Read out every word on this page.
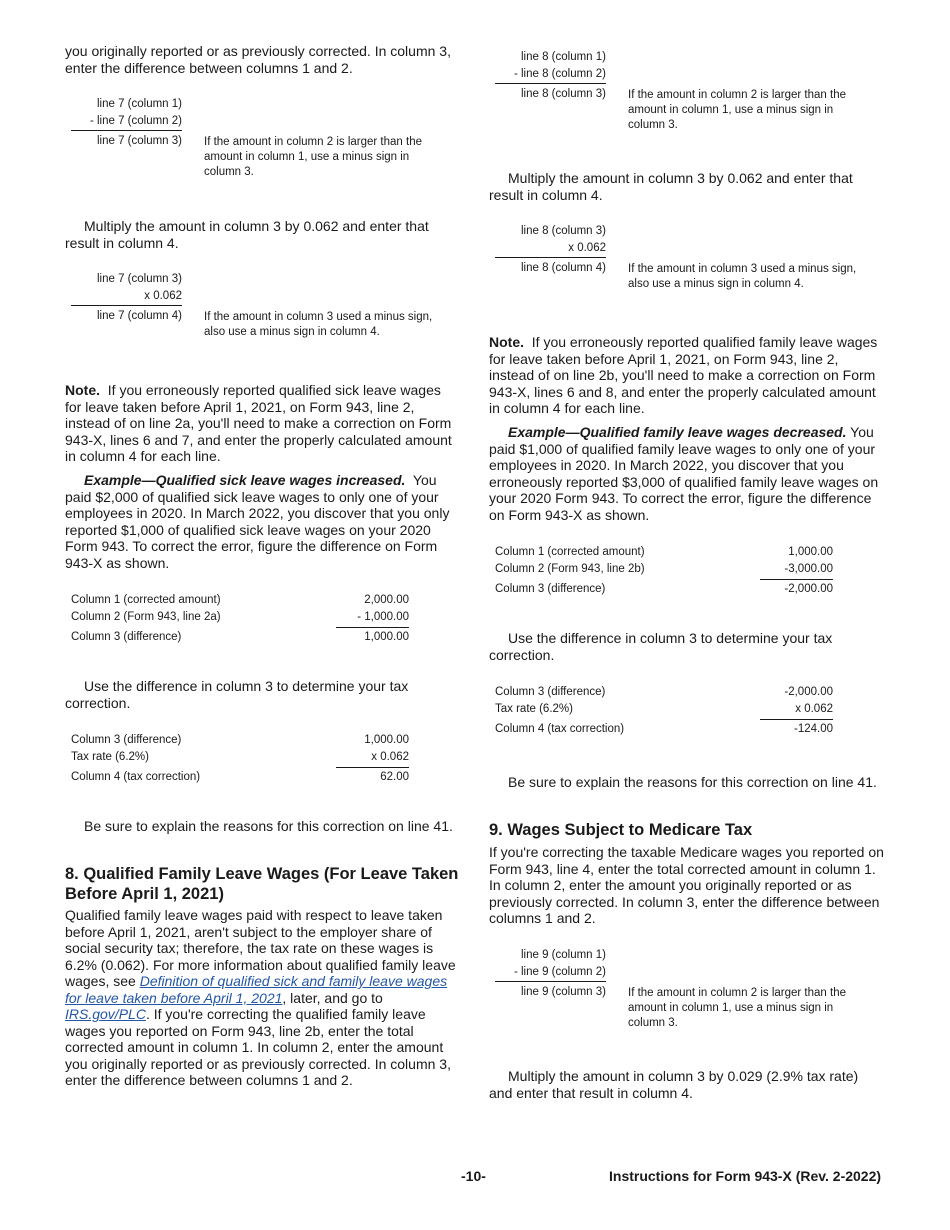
you originally reported or as previously corrected. In column 3, enter the difference between columns 1 and 2.

line 7 (column 1)
- line 7 (column 2)
line 7 (column 3) If the amount in column 2 is larger than the amount in column 1, use a minus sign in column 3.

Multiply the amount in column 3 by 0.062 and enter that result in column 4.

line 7 (column 3)
x 0.062
line 7 (column 4) If the amount in column 3 used a minus sign, also use a minus sign in column 4.

Note. If you erroneously reported qualified sick leave wages for leave taken before April 1, 2021, on Form 943, line 2, instead of on line 2a, you'll need to make a correction on Form 943-X, lines 6 and 7, and enter the properly calculated amount in column 4 for each line.

Example—Qualified sick leave wages increased. You paid $2,000 of qualified sick leave wages to only one of your employees in 2020. In March 2022, you discover that you only reported $1,000 of qualified sick leave wages on your 2020 Form 943. To correct the error, figure the difference on Form 943-X as shown.

Column 1 (corrected amount)	2,000.00
Column 2 (Form 943, line 2a)	- 1,000.00
Column 3 (difference)	1,000.00

Use the difference in column 3 to determine your tax correction.

Column 3 (difference)	1,000.00
Tax rate (6.2%)	x 0.062
Column 4 (tax correction)	62.00

Be sure to explain the reasons for this correction on line 41.

8. Qualified Family Leave Wages (For Leave Taken Before April 1, 2021)

Qualified family leave wages paid with respect to leave taken before April 1, 2021, aren't subject to the employer share of social security tax; therefore, the tax rate on these wages is 6.2% (0.062). For more information about qualified family leave wages, see Definition of qualified sick and family leave wages for leave taken before April 1, 2021, later, and go to IRS.gov/PLC. If you're correcting the qualified family leave wages you reported on Form 943, line 2b, enter the total corrected amount in column 1. In column 2, enter the amount you originally reported or as previously corrected. In column 3, enter the difference between columns 1 and 2.

line 8 (column 1)
- line 8 (column 2)
line 8 (column 3) If the amount in column 2 is larger than the amount in column 1, use a minus sign in column 3.

Multiply the amount in column 3 by 0.062 and enter that result in column 4.

line 8 (column 3)
x 0.062
line 8 (column 4) If the amount in column 3 used a minus sign, also use a minus sign in column 4.

Note. If you erroneously reported qualified family leave wages for leave taken before April 1, 2021, on Form 943, line 2, instead of on line 2b, you'll need to make a correction on Form 943-X, lines 6 and 8, and enter the properly calculated amount in column 4 for each line.

Example—Qualified family leave wages decreased. You paid $1,000 of qualified family leave wages to only one of your employees in 2020. In March 2022, you discover that you erroneously reported $3,000 of qualified family leave wages on your 2020 Form 943. To correct the error, figure the difference on Form 943-X as shown.

Column 1 (corrected amount)	1,000.00
Column 2 (Form 943, line 2b)	-3,000.00
Column 3 (difference)	-2,000.00

Use the difference in column 3 to determine your tax correction.

Column 3 (difference)	-2,000.00
Tax rate (6.2%)	x 0.062
Column 4 (tax correction)	-124.00

Be sure to explain the reasons for this correction on line 41.

9. Wages Subject to Medicare Tax

If you're correcting the taxable Medicare wages you reported on Form 943, line 4, enter the total corrected amount in column 1. In column 2, enter the amount you originally reported or as previously corrected. In column 3, enter the difference between columns 1 and 2.

line 9 (column 1)
- line 9 (column 2)
line 9 (column 3) If the amount in column 2 is larger than the amount in column 1, use a minus sign in column 3.

Multiply the amount in column 3 by 0.029 (2.9% tax rate) and enter that result in column 4.

-10-	Instructions for Form 943-X (Rev. 2-2022)
